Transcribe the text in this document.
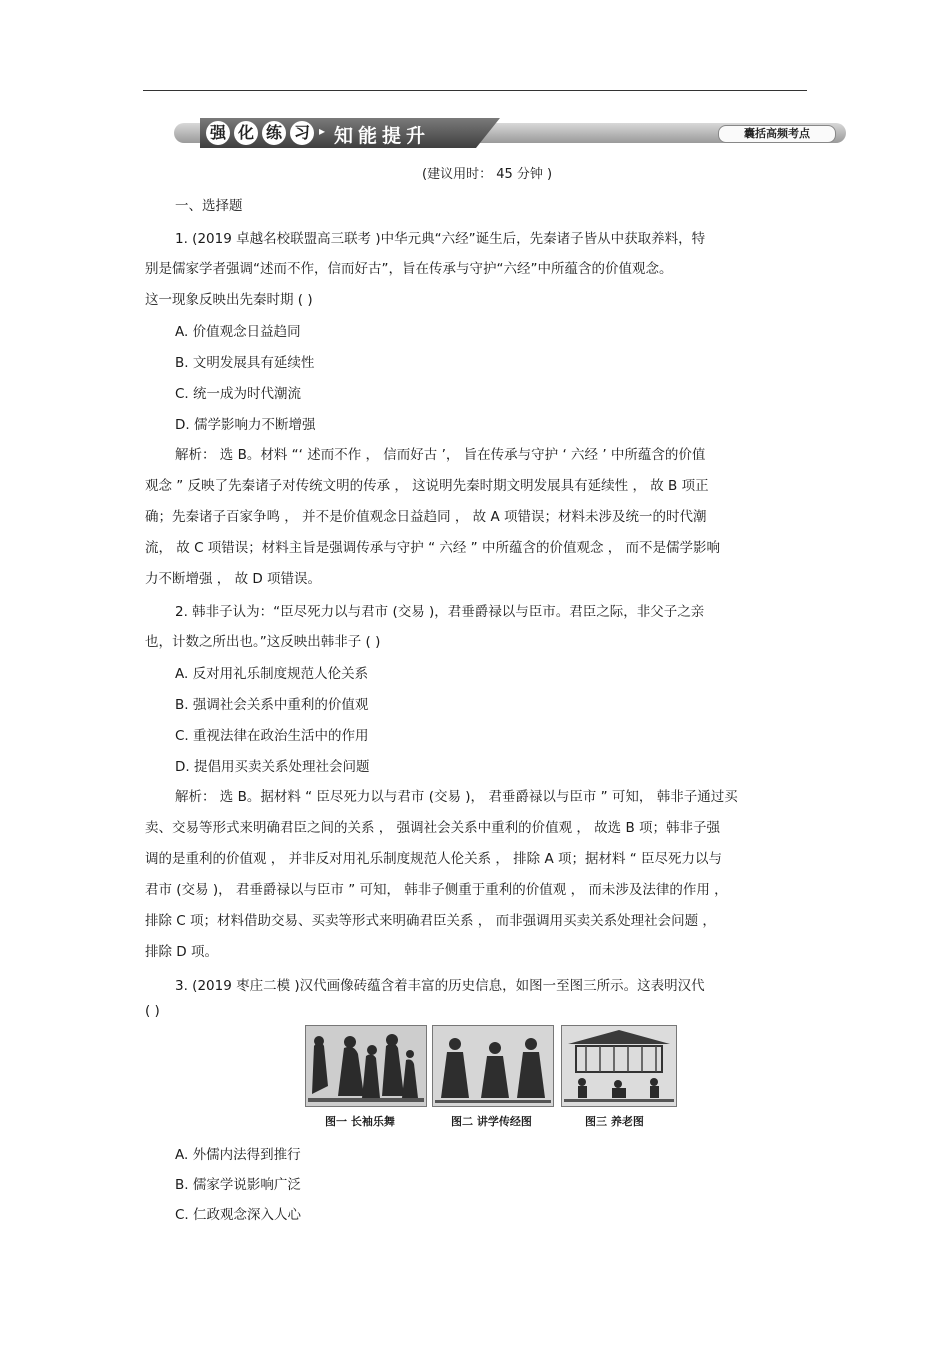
强 化 练 习 ▸ 知能提升	囊括高频考点
(建议用时： 45 分钟 )
一、选择题
1. (2019 卓越名校联盟高三联考 )中华元典“六经”诞生后，先秦诸子皆从中获取养料，特
别是儒家学者强调“述而不作，信而好古”，旨在传承与守护“六经”中所蕴含的价值观念。
这一现象反映出先秦时期 ( )
A. 价值观念日益趋同
B. 文明发展具有延续性
C. 统一成为时代潮流
D. 儒学影响力不断增强
解析： 选 B。材料 “‘ 述而不作 ， 信而好古 ’， 旨在传承与守护 ‘ 六经 ’ 中所蕴含的价值
观念 ” 反映了先秦诸子对传统文明的传承 ， 这说明先秦时期文明发展具有延续性 ， 故 B 项正
确；先秦诸子百家争鸣 ， 并不是价值观念日益趋同 ， 故 A 项错误；材料未涉及统一的时代潮
流， 故 C 项错误；材料主旨是强调传承与守护 “ 六经 ” 中所蕴含的价值观念 ， 而不是儒学影响
力不断增强 ， 故 D 项错误。
2. 韩非子认为：“臣尽死力以与君市 (交易 )，君垂爵禄以与臣市。君臣之际，非父子之亲
也，计数之所出也。”这反映出韩非子 ( )
A. 反对用礼乐制度规范人伦关系
B. 强调社会关系中重利的价值观
C. 重视法律在政治生活中的作用
D. 提倡用买卖关系处理社会问题
解析： 选 B。据材料 “ 臣尽死力以与君市 (交易 )， 君垂爵禄以与臣市 ” 可知， 韩非子通过买
卖、交易等形式来明确君臣之间的关系 ， 强调社会关系中重利的价值观 ， 故选 B 项；韩非子强
调的是重利的价值观 ， 并非反对用礼乐制度规范人伦关系 ， 排除 A 项；据材料 “ 臣尽死力以与
君市 (交易 )， 君垂爵禄以与臣市 ” 可知， 韩非子侧重于重利的价值观 ， 而未涉及法律的作用 ，
排除 C 项；材料借助交易、买卖等形式来明确君臣关系 ， 而非强调用买卖关系处理社会问题 ，
排除 D 项。
3. (2019 枣庄二模 )汉代画像砖蕴含着丰富的历史信息，如图一至图三所示。这表明汉代
( )
图一 长袖乐舞	图二 讲学传经图	图三 养老图
A. 外儒内法得到推行
B. 儒家学说影响广泛
C. 仁政观念深入人心
